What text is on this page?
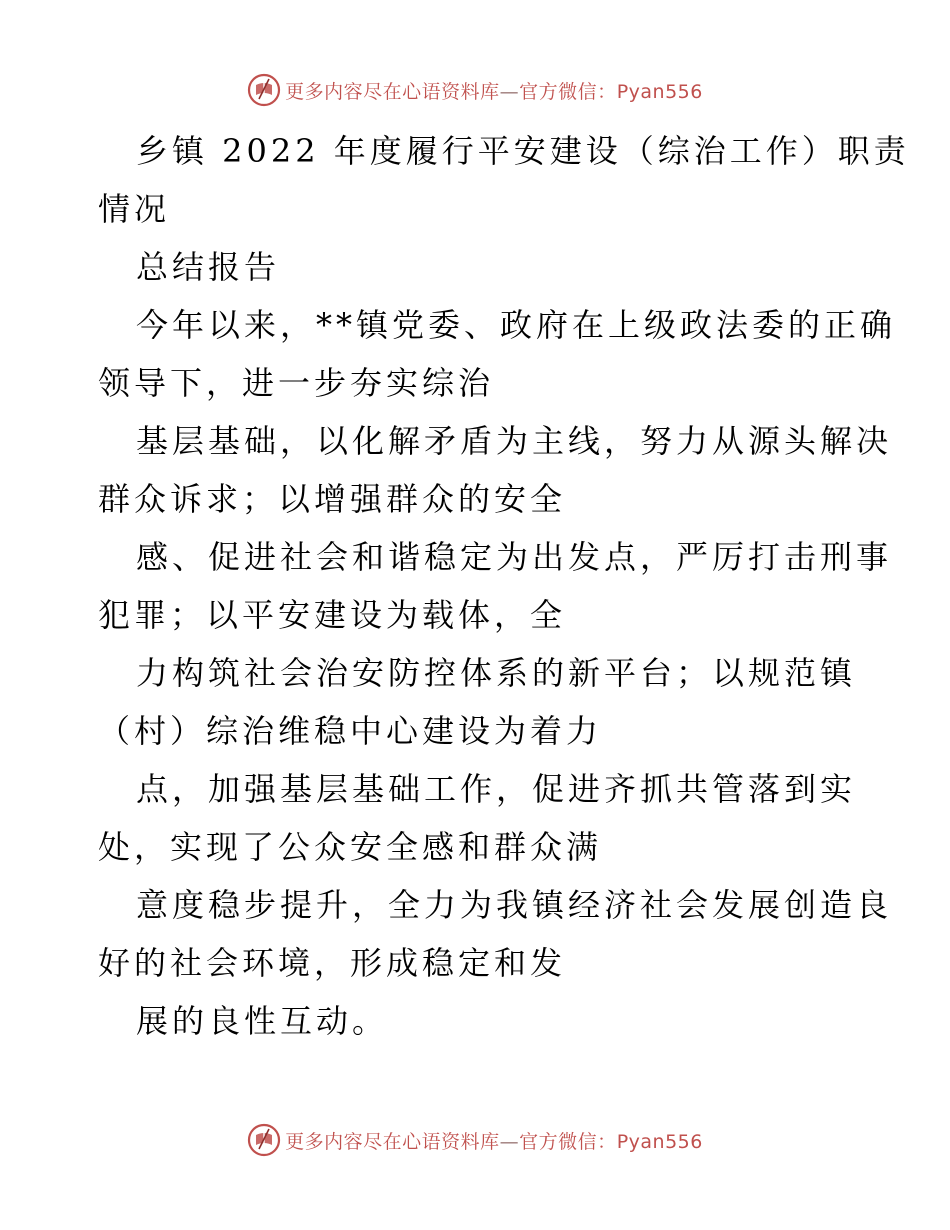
更多内容尽在心语资料库—官方微信：Pyan556
乡镇 2022 年度履行平安建设（综治工作）职责
情况
总结报告
今年以来，**镇党委、政府在上级政法委的正确
领导下，进一步夯实综治
基层基础，以化解矛盾为主线，努力从源头解决
群众诉求；以增强群众的安全
感、促进社会和谐稳定为出发点，严厉打击刑事
犯罪；以平安建设为载体，全
力构筑社会治安防控体系的新平台；以规范镇
（村）综治维稳中心建设为着力
点，加强基层基础工作，促进齐抓共管落到实
处，实现了公众安全感和群众满
意度稳步提升，全力为我镇经济社会发展创造良
好的社会环境，形成稳定和发
展的良性互动。
更多内容尽在心语资料库—官方微信：Pyan556
